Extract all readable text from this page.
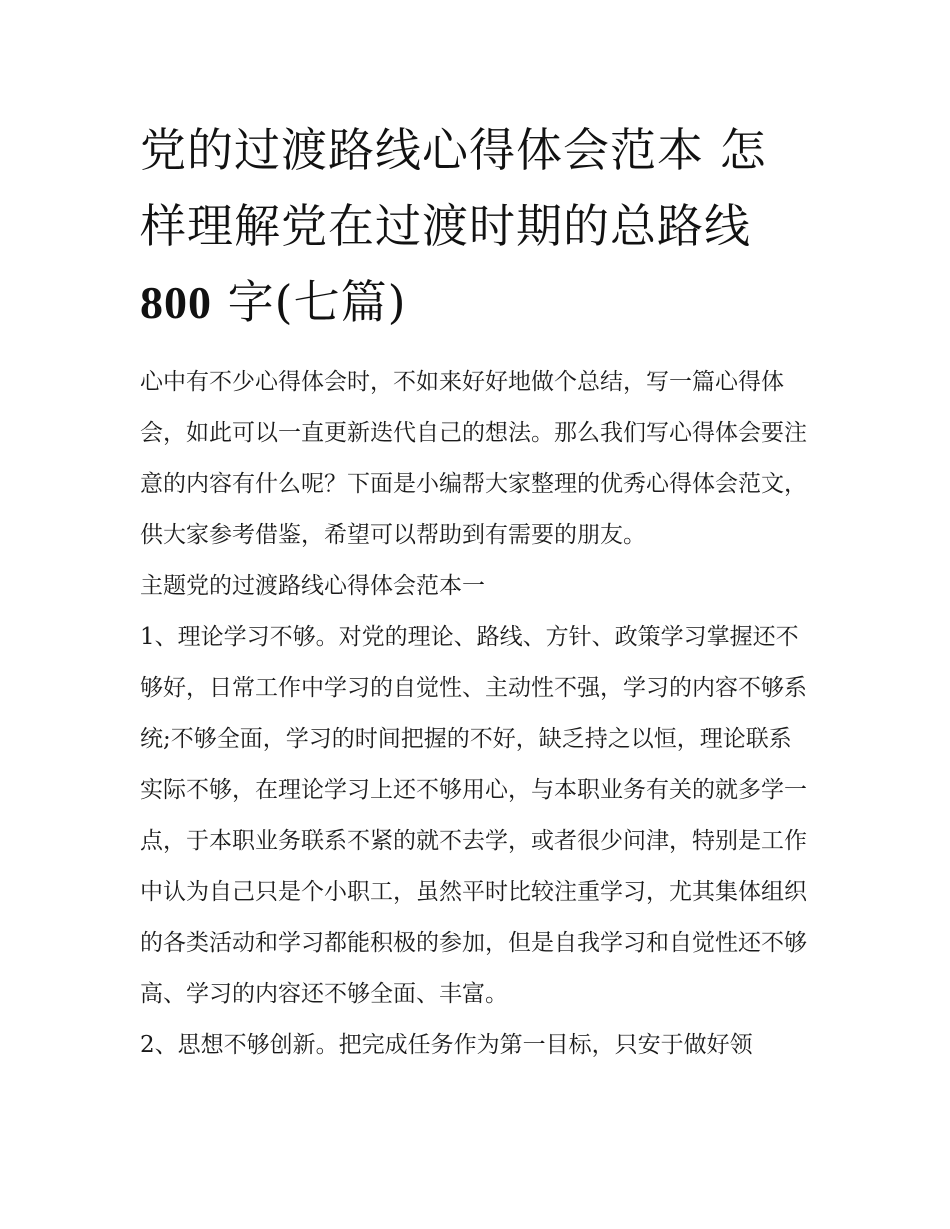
党的过渡路线心得体会范本 怎
样理解党在过渡时期的总路线
800 字(七篇)

心中有不少心得体会时，不如来好好地做个总结，写一篇心得体会，如此可以一直更新迭代自己的想法。那么我们写心得体会要注意的内容有什么呢？下面是小编帮大家整理的优秀心得体会范文，供大家参考借鉴，希望可以帮助到有需要的朋友。

主题党的过渡路线心得体会范本一

1、理论学习不够。对党的理论、路线、方针、政策学习掌握还不够好，日常工作中学习的自觉性、主动性不强，学习的内容不够系统;不够全面，学习的时间把握的不好，缺乏持之以恒，理论联系实际不够，在理论学习上还不够用心，与本职业务有关的就多学一点，于本职业务联系不紧的就不去学，或者很少问津，特别是工作中认为自己只是个小职工，虽然平时比较注重学习，尤其集体组织的各类活动和学习都能积极的参加，但是自我学习和自觉性还不够高、学习的内容还不够全面、丰富。

2、思想不够创新。把完成任务作为第一目标，只安于做好领
